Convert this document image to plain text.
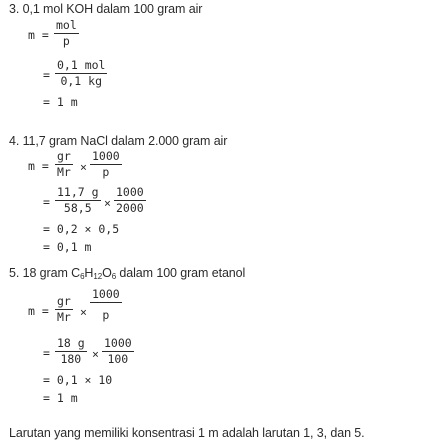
3. 0,1 mol KOH dalam 100 gram air
m =
mol
p
=
0,1 mol
0,1 kg
= 1 m
4. 11,7 gram NaCl dalam 2.000 gram air
$m = \frac{gr}{Mr} \times \frac{1000}{p}$
= $\frac{11,7 g}{58,5} \times \frac{1000}{2000}$
= 0,2 × 0,5
= 0,1 m
5. 18 gram $C_6H_{12}O_6$ dalam 100 gram etanol
$m = \frac{gr}{Mr} \times \frac{1000}{p}$
= $\frac{18 g}{180} \times \frac{1000}{100}$
= 0,1 × 10
= 1 m
Larutan yang memiliki konsentrasi 1 m adalah larutan 1, 3, dan 5.
